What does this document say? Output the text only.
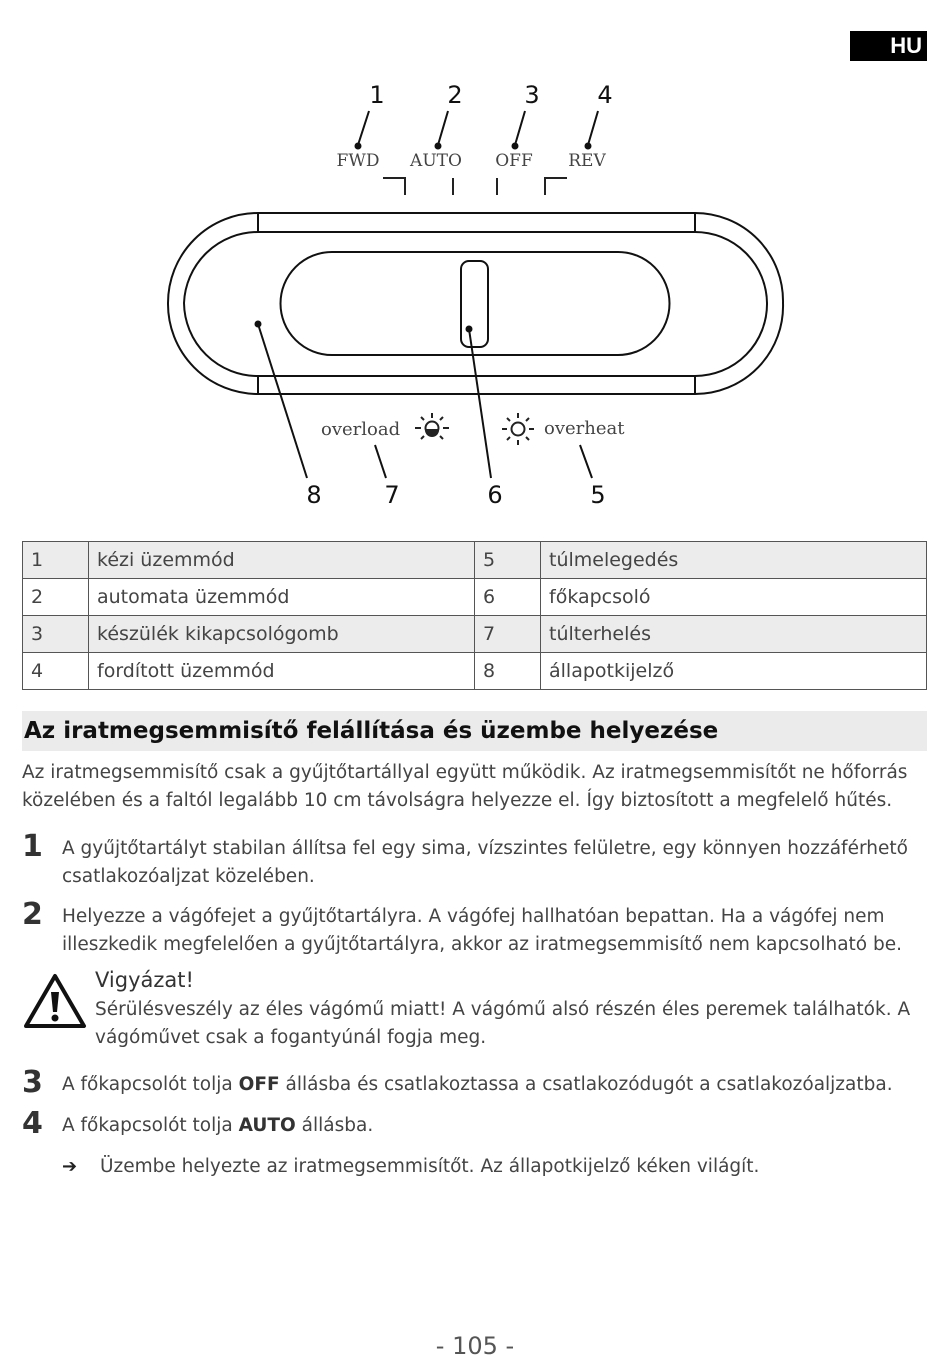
HU
1	2	3 4
FWD AUTO OFF REV
overload	overheat
8	7	6	5
1	kézi üzemmód	5	túlmelegedés
2	automata üzemmód	6	főkapcsoló
3	készülék kikapcsológomb	7	túlterhelés
4	fordított üzemmód	8	állapotkijelző
Az iratmegsemmisítő felállítása és üzembe helyezése
Az iratmegsemmisítő csak a gyűjtőtartállyal együtt működik. Az iratmegsemmisítőt ne hőforrás közelében és a faltól legalább 10 cm távolságra helyezze el. Így biztosított a megfelelő hűtés.
1 A gyűjtőtartályt stabilan állítsa fel egy sima, vízszintes felületre, egy könnyen hozzáférhető csatlakozóaljzat közelében.
2 Helyezze a vágófejet a gyűjtőtartályra. A vágófej hallhatóan bepattan. Ha a vágófej nem illeszkedik megfelelően a gyűjtőtartályra, akkor az iratmegsemmisítő nem kapcsolható be.
Vigyázat!
Sérülésveszély az éles vágómű miatt! A vágómű alsó részén éles peremek találhatók. A vágóművet csak a fogantyúnál fogja meg.
3 A főkapcsolót tolja OFF állásba és csatlakoztassa a csatlakozódugót a csatlakozóaljzatba.
4 A főkapcsolót tolja AUTO állásba.
➔ Üzembe helyezte az iratmegsemmisítőt. Az állapotkijelző kéken világít.
- 105 -
